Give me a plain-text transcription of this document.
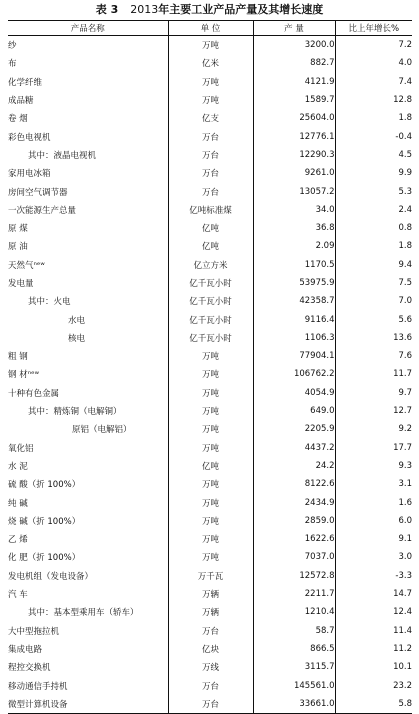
表 3 2013年主要工业产品产量及其增长速度
产品名称	单 位	产 量	比上年增长%
纱	万吨	3200.0	7.2
布	亿米	882.7	4.0
化学纤维	万吨	4121.9	7.4
成品糖	万吨	1589.7	12.8
卷 烟	亿支	25604.0	1.8
彩色电视机	万台	12776.1	-0.4
其中：液晶电视机	万台	12290.3	4.5
家用电冰箱	万台	9261.0	9.9
房间空气调节器	万台	13057.2	5.3
一次能源生产总量	亿吨标准煤	34.0	2.4
原 煤	亿吨	36.8	0.8
原 油	亿吨	2.09	1.8
天然气ⁿᵉʷ	亿立方米	1170.5	9.4
发电量	亿千瓦小时	53975.9	7.5
其中：火电	亿千瓦小时	42358.7	7.0
水电	亿千瓦小时	9116.4	5.6
核电	亿千瓦小时	1106.3	13.6
粗 钢	万吨	77904.1	7.6
钢 材ⁿᵉʷ	万吨	106762.2	11.7
十种有色金属	万吨	4054.9	9.7
其中：精炼铜（电解铜）	万吨	649.0	12.7
原铝（电解铝）	万吨	2205.9	9.2
氧化铝	万吨	4437.2	17.7
水 泥	亿吨	24.2	9.3
硫 酸（折 100%）	万吨	8122.6	3.1
纯 碱	万吨	2434.9	1.6
烧 碱（折 100%）	万吨	2859.0	6.0
乙 烯	万吨	1622.6	9.1
化 肥（折 100%）	万吨	7037.0	3.0
发电机组（发电设备）	万千瓦	12572.8	-3.3
汽 车	万辆	2211.7	14.7
其中：基本型乘用车（轿车）	万辆	1210.4	12.4
大中型拖拉机	万台	58.7	11.4
集成电路	亿块	866.5	11.2
程控交换机	万线	3115.7	10.1
移动通信手持机	万台	145561.0	23.2
微型计算机设备	万台	33661.0	5.8
